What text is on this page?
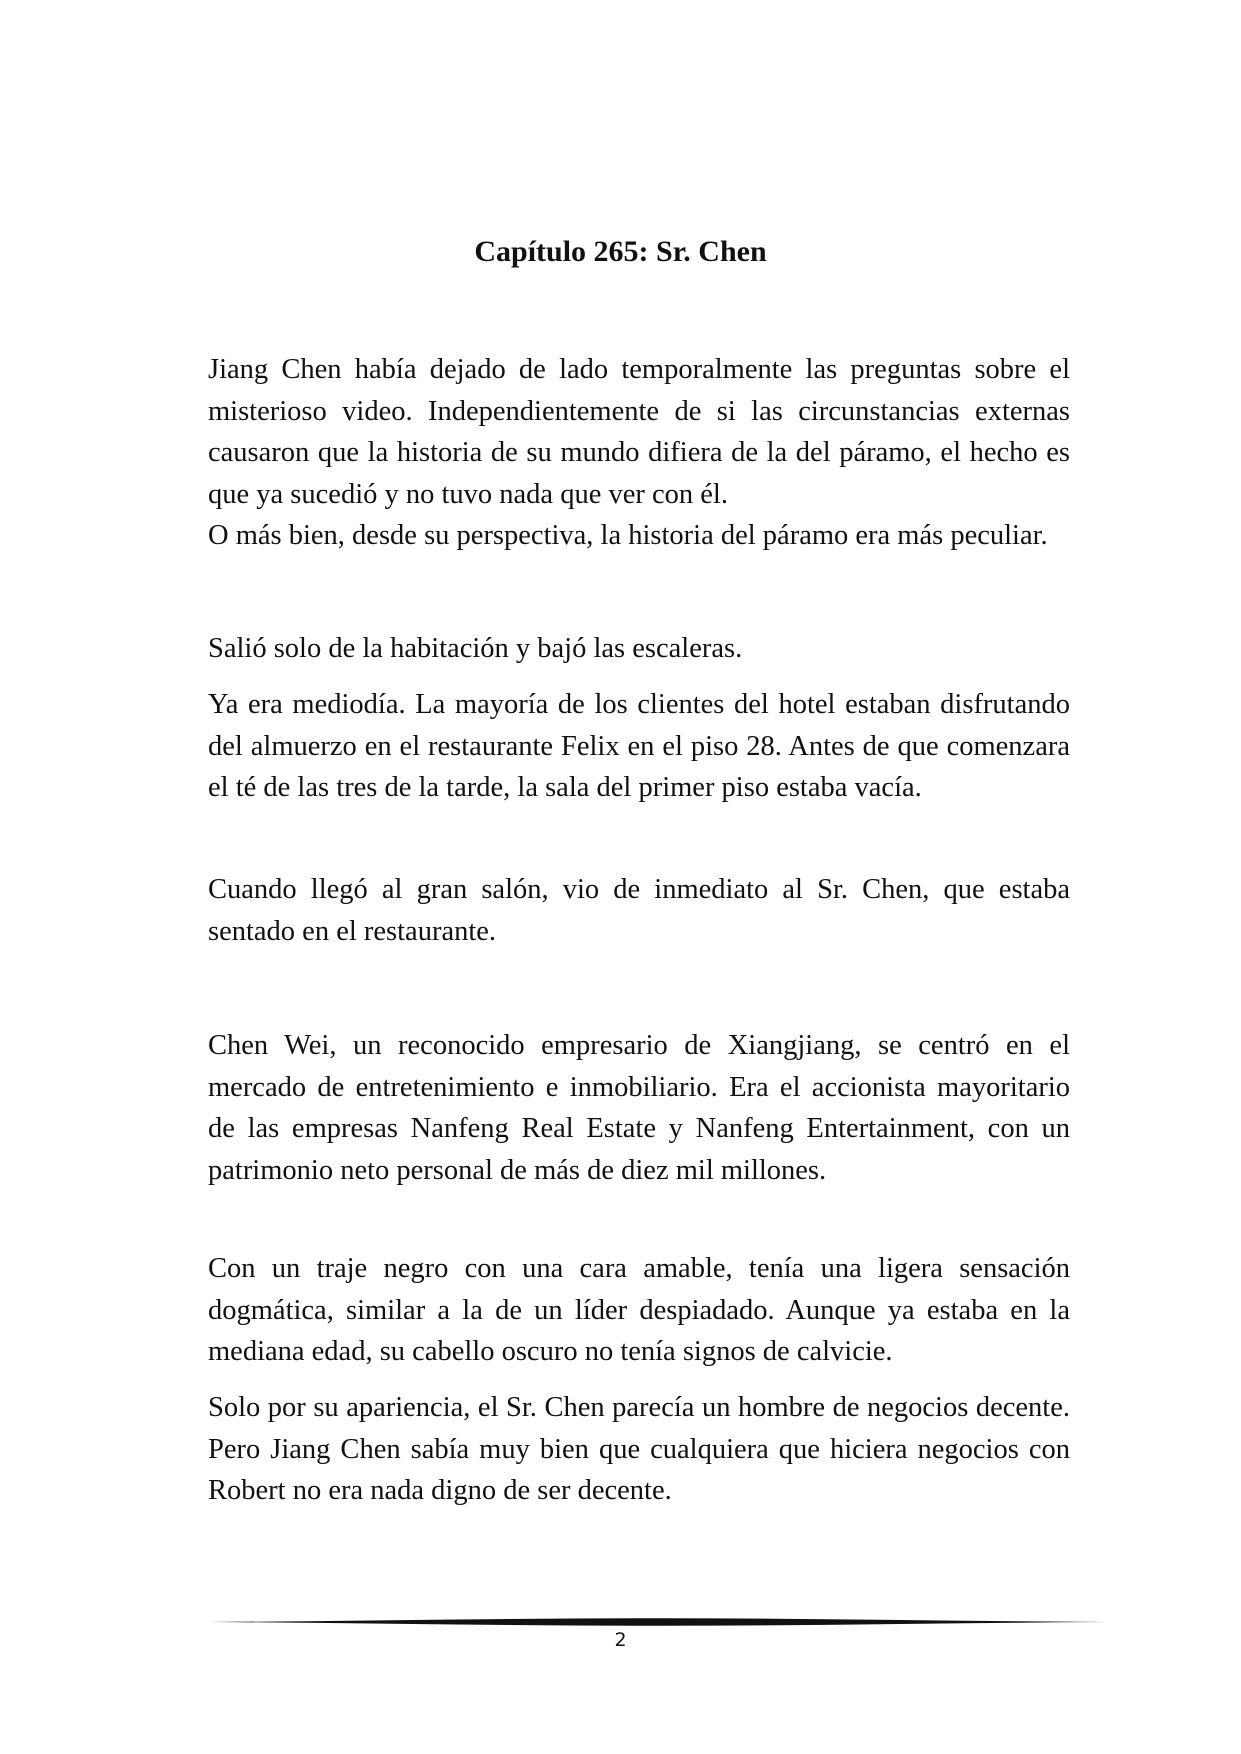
Capítulo 265: Sr. Chen

Jiang Chen había dejado de lado temporalmente las preguntas sobre el misterioso video. Independientemente de si las circunstancias externas causaron que la historia de su mundo difiera de la del páramo, el hecho es que ya sucedió y no tuvo nada que ver con él.

O más bien, desde su perspectiva, la historia del páramo era más peculiar.

Salió solo de la habitación y bajó las escaleras.

Ya era mediodía. La mayoría de los clientes del hotel estaban disfrutando del almuerzo en el restaurante Felix en el piso 28. Antes de que comenzara el té de las tres de la tarde, la sala del primer piso estaba vacía.

Cuando llegó al gran salón, vio de inmediato al Sr. Chen, que estaba sentado en el restaurante.

Chen Wei, un reconocido empresario de Xiangjiang, se centró en el mercado de entretenimiento e inmobiliario. Era el accionista mayoritario de las empresas Nanfeng Real Estate y Nanfeng Entertainment, con un patrimonio neto personal de más de diez mil millones.

Con un traje negro con una cara amable, tenía una ligera sensación dogmática, similar a la de un líder despiadado. Aunque ya estaba en la mediana edad, su cabello oscuro no tenía signos de calvicie.

Solo por su apariencia, el Sr. Chen parecía un hombre de negocios decente. Pero Jiang Chen sabía muy bien que cualquiera que hiciera negocios con Robert no era nada digno de ser decente.

2
